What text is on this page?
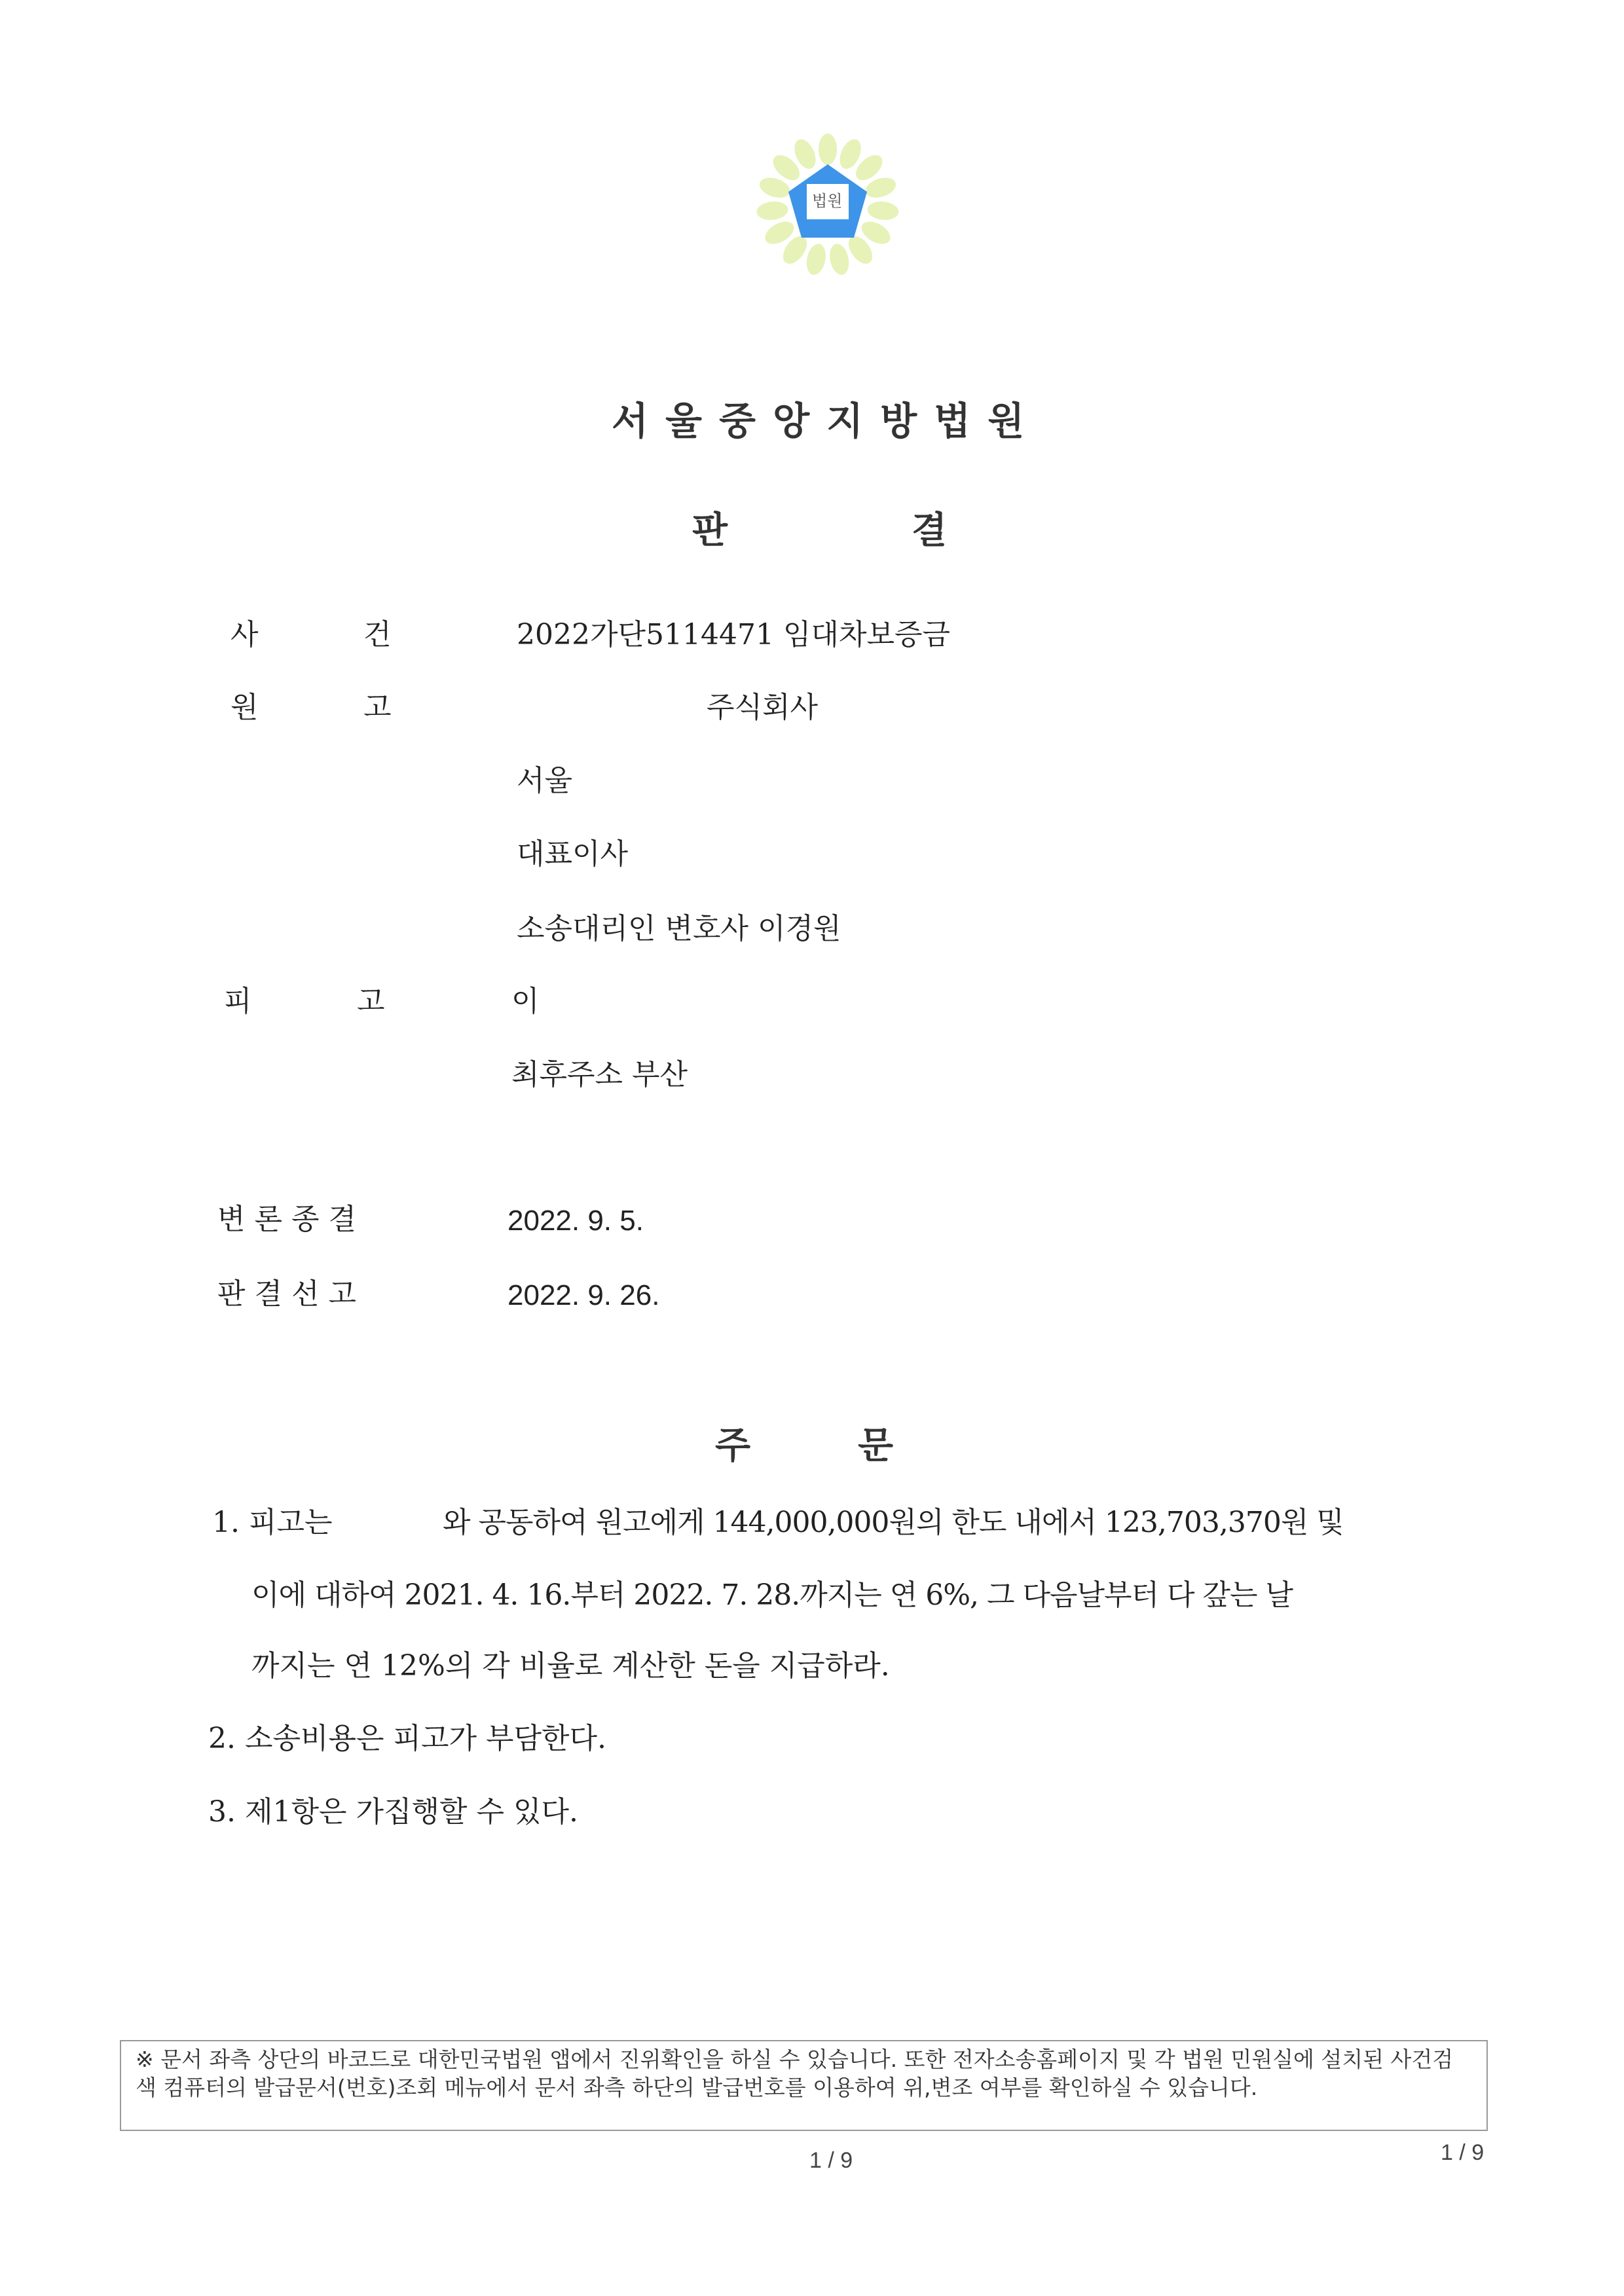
법원
서울중앙지방법원
판	결
사	건	2022가단5114471 임대차보증금
원	고	주식회사
서울
대표이사
소송대리인 변호사 이경원
피	고	이
최후주소 부산
변 론 종 결	2022. 9. 5.
판 결 선 고	2022. 9. 26.
주	문
1. 피고는	와 공동하여 원고에게 144,000,000원의 한도 내에서 123,703,370원 및
이에 대하여 2021. 4. 16.부터 2022. 7. 28.까지는 연 6%, 그 다음날부터 다 갚는 날
까지는 연 12%의 각 비율로 계산한 돈을 지급하라.
2. 소송비용은 피고가 부담한다.
3. 제1항은 가집행할 수 있다.
※ 문서 좌측 상단의 바코드로 대한민국법원 앱에서 진위확인을 하실 수 있습니다. 또한 전자소송홈페이지 및 각 법원 민원실에 설치된 사건검색 컴퓨터의 발급문서(번호)조회 메뉴에서 문서 좌측 하단의 발급번호를 이용하여 위,변조 여부를 확인하실 수 있습니다.
1 / 9	1 / 9
